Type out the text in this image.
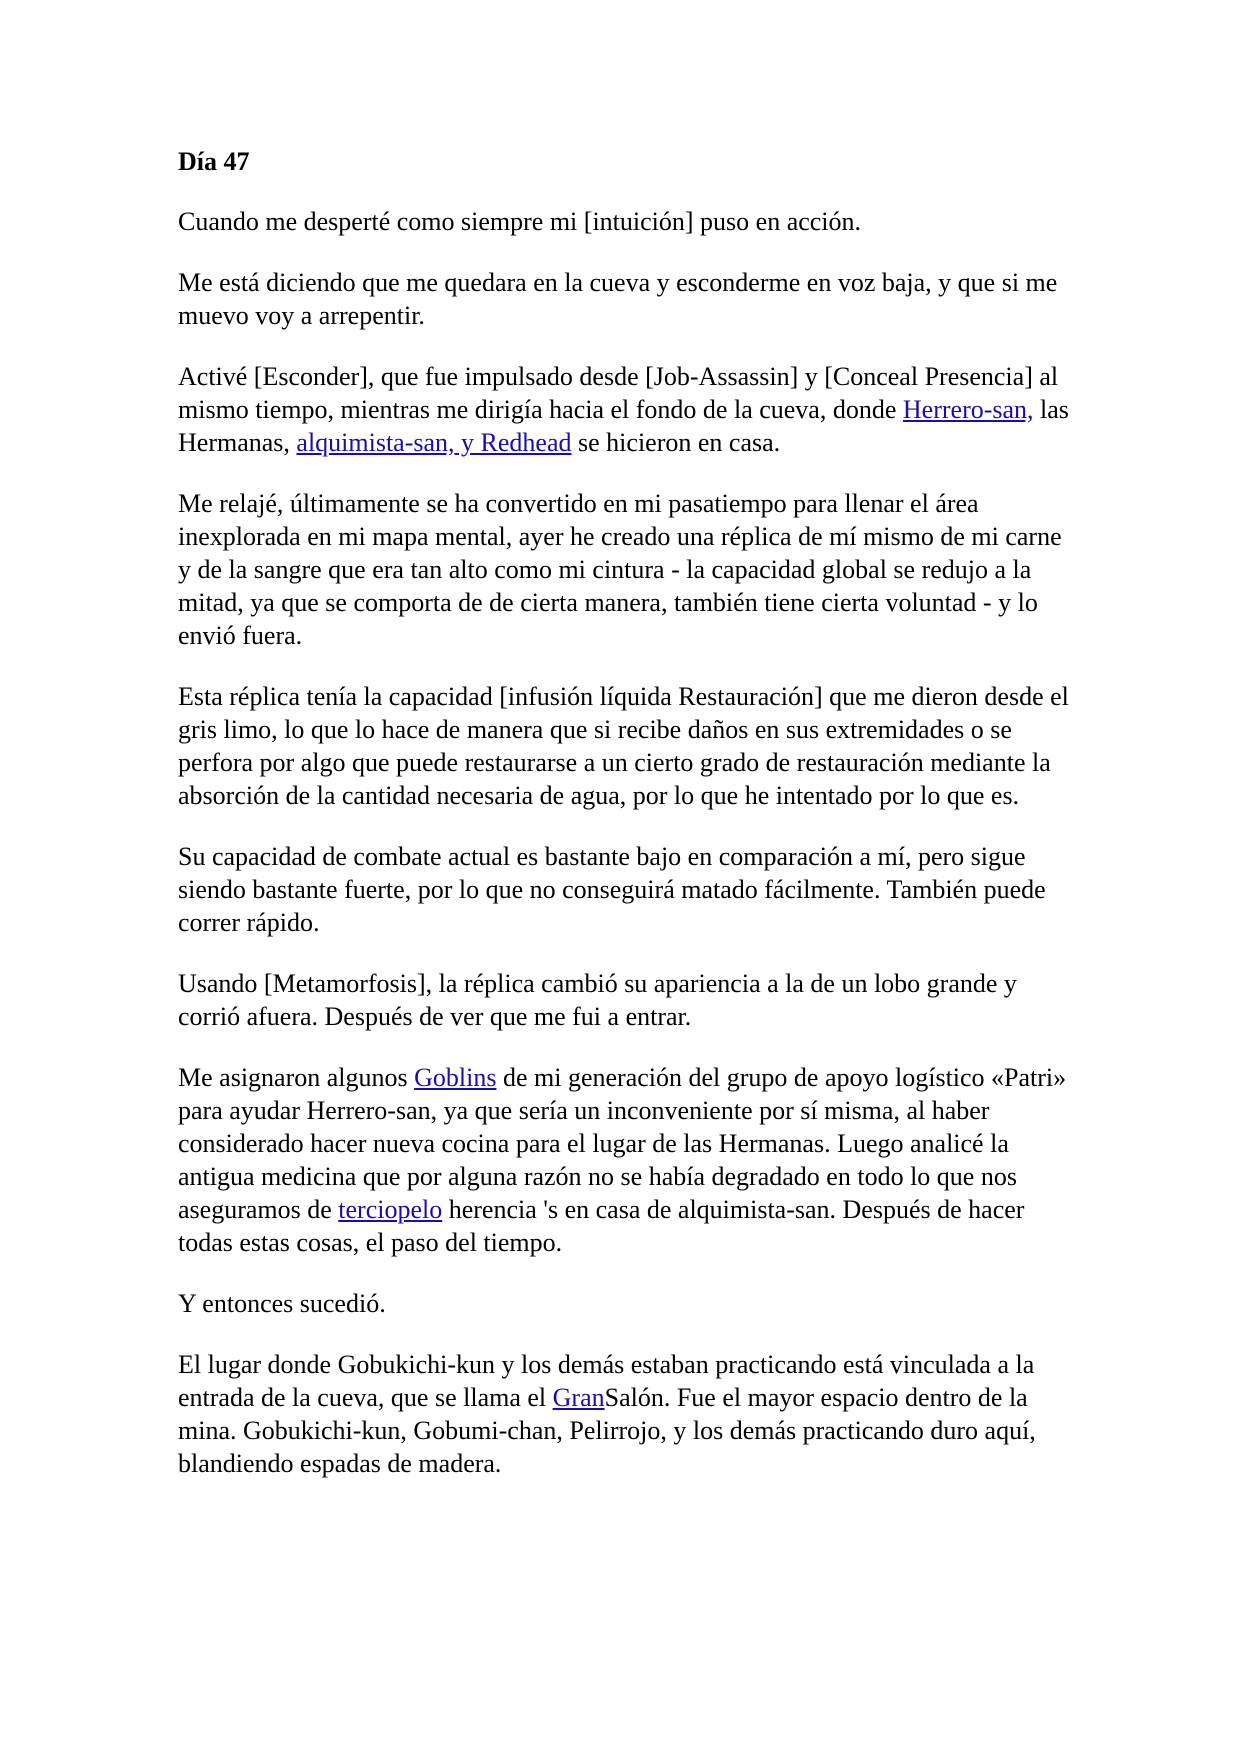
Día 47

Cuando me desperté como siempre mi [intuición] puso en acción.

Me está diciendo que me quedara en la cueva y esconderme en voz baja, y que si me muevo voy a arrepentir.

Activé [Esconder], que fue impulsado desde [Job-Assassin] y [Conceal Presencia] al mismo tiempo, mientras me dirigía hacia el fondo de la cueva, donde Herrero-san, las Hermanas, alquimista-san, y Redhead se hicieron en casa.

Me relajé, últimamente se ha convertido en mi pasatiempo para llenar el área inexplorada en mi mapa mental, ayer he creado una réplica de mí mismo de mi carne y de la sangre que era tan alto como mi cintura - la capacidad global se redujo a la mitad, ya que se comporta de de cierta manera, también tiene cierta voluntad - y lo envió fuera.

Esta réplica tenía la capacidad [infusión líquida Restauración] que me dieron desde el gris limo, lo que lo hace de manera que si recibe daños en sus extremidades o se perfora por algo que puede restaurarse a un cierto grado de restauración mediante la absorción de la cantidad necesaria de agua, por lo que he intentado por lo que es.

Su capacidad de combate actual es bastante bajo en comparación a mí, pero sigue siendo bastante fuerte, por lo que no conseguirá matado fácilmente. También puede correr rápido.

Usando [Metamorfosis], la réplica cambió su apariencia a la de un lobo grande y corrió afuera. Después de ver que me fui a entrar.

Me asignaron algunos Goblins de mi generación del grupo de apoyo logístico «Patri» para ayudar Herrero-san, ya que sería un inconveniente por sí misma, al haber considerado hacer nueva cocina para el lugar de las Hermanas. Luego analicé la antigua medicina que por alguna razón no se había degradado en todo lo que nos aseguramos de terciopelo herencia 's en casa de alquimista-san. Después de hacer todas estas cosas, el paso del tiempo.

Y entonces sucedió.

El lugar donde Gobukichi-kun y los demás estaban practicando está vinculada a la entrada de la cueva, que se llama el GranSalón. Fue el mayor espacio dentro de la mina. Gobukichi-kun, Gobumi-chan, Pelirrojo, y los demás practicando duro aquí, blandiendo espadas de madera.
